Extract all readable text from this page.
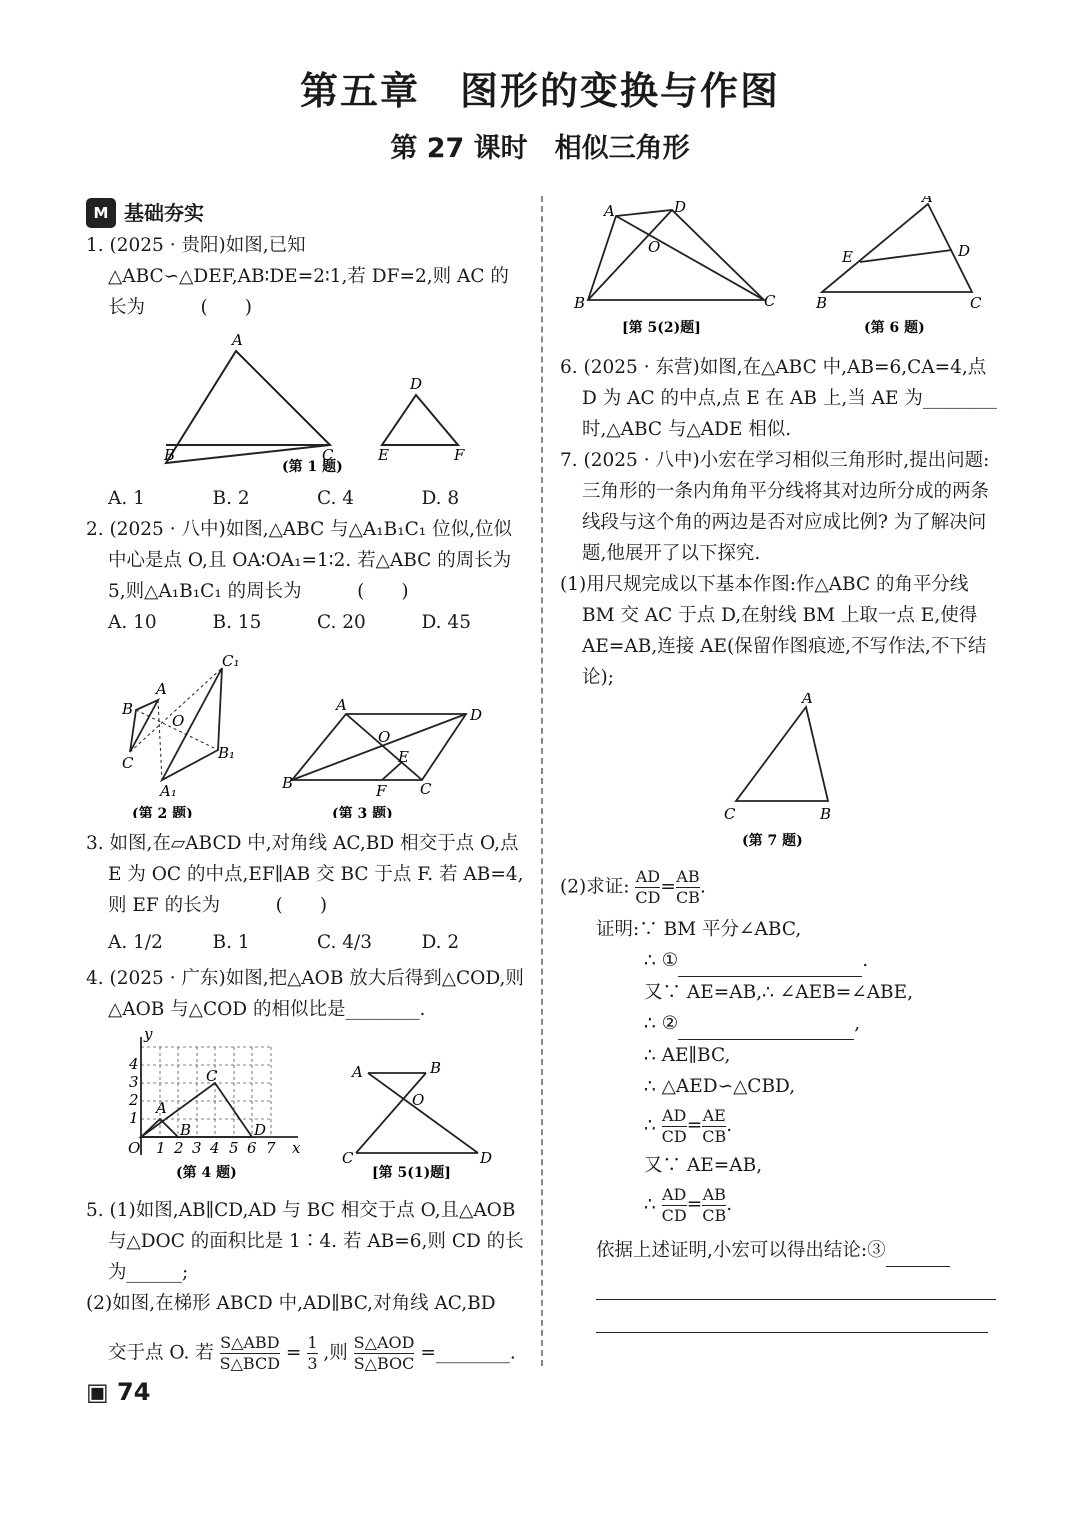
第五章　图形的变换与作图
第 27 课时　相似三角形
M 基础夯实

1. (2025 · 贵阳)如图,已知△ABC∽△DEF,AB∶DE=2∶1,若 DF=2,则 AC 的长为　　　(　　)

A
B	C
D
E	F
(第 1 题)
A. 1	B. 2	C. 4	D. 8

2. (2025 · 八中)如图,△ABC 与△A₁B₁C₁ 位似,位似中心是点 O,且 OA∶OA₁=1∶2. 若△ABC 的周长为 5,则△A₁B₁C₁ 的周长为　　　(　　)

A. 10	B. 15	C. 20	D. 45
A
B
C
O
C₁
B₁
A₁
(第 2 题)
A
D
B	C
O
E
F
(第 3 题)

3. 如图,在▱ABCD 中,对角线 AC,BD 相交于点 O,点 E 为 OC 的中点,EF∥AB 交 BC 于点 F. 若 AB=4,则 EF 的长为　　　(　　)

A. 1/2	B. 1	C. 4/3	D. 2

4. (2025 · 广东)如图,把△AOB 放大后得到△COD,则△AOB 与△COD 的相似比是________.

A
B
C
D
O
y
x
1 2 3 4 5 6 7
1
2
3
4
(第 4 题)
A	B
O
C	D
[第 5(1)题]

5. (1)如图,AB∥CD,AD 与 BC 相交于点 O,且△AOB 与△DOC 的面积比是 1∶4. 若 AB=6,则 CD 的长为______;

(2)如图,在梯形 ABCD 中,AD∥BC,对角线 AC,BD

交于点 O. 若 $\frac{\text{S△ABD}}{\text{S△BCD}} = \frac{1}{3}$ ,则 $\frac{\text{S△AOD}}{\text{S△BOC}}$ =________.

A	D
O
B	C
[第 5(2)题]
A
E	D
B	C
(第 6 题)

6. (2025 · 东营)如图,在△ABC 中,AB=6,CA=4,点 D 为 AC 的中点,点 E 在 AB 上,当 AE 为________时,△ABC 与△ADE 相似.

7. (2025 · 八中)小宏在学习相似三角形时,提出问题:三角形的一条内角角平分线将其对边所分成的两条线段与这个角的两边是否对应成比例? 为了解决问题,他展开了以下探究.

(1)用尺规完成以下基本作图:作△ABC 的角平分线 BM 交 AC 于点 D,在射线 BM 上取一点 E,使得 AE=AB,连接 AE(保留作图痕迹,不写作法,不下结论);

A
C	B
(第 7 题)

(2)求证: $\frac{AD}{CD} = \frac{AB}{CB}$ .

证明:∵ BM 平分∠ABC,
∴ ①	.
又∵ AE=AB,∴ ∠AEB=∠ABE,
∴ ②	,
∴ AE∥BC,
∴ △AED∽△CBD,
∴ $\frac{AD}{CD} = \frac{AE}{CB}$ .
又∵ AE=AB,
∴ $\frac{AD}{CD} = \frac{AB}{CB}$ .
依据上述证明,小宏可以得出结论:③
▣ 74
